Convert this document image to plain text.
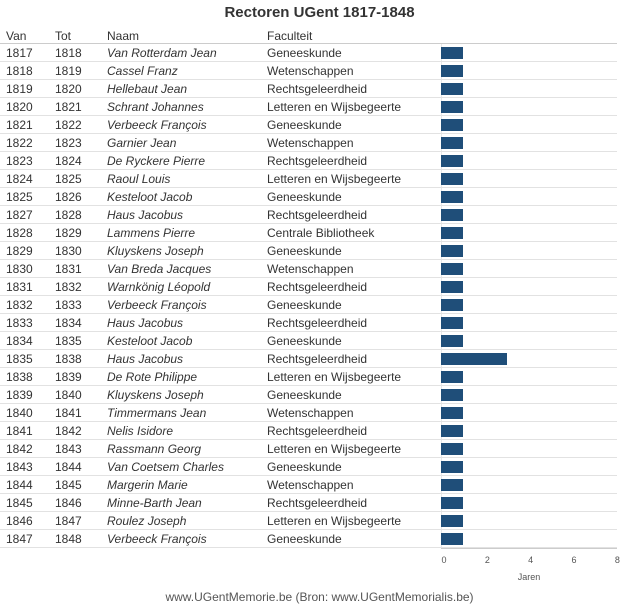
Rectoren UGent 1817-1848
Van Tot	Naam	Faculteit
1817 1818 Van Rotterdam Jean	Geneeskunde
1818 1819 Cassel Franz	Wetenschappen
1819 1820 Hellebaut Jean	Rechtsgeleerdheid
1820 1821 Schrant Johannes	Letteren en Wijsbegeerte
1821 1822 Verbeeck François	Geneeskunde
1822 1823 Garnier Jean	Wetenschappen
1823 1824 De Ryckere Pierre	Rechtsgeleerdheid
1824 1825 Raoul Louis	Letteren en Wijsbegeerte
1825 1826 Kesteloot Jacob	Geneeskunde
1827 1828 Haus Jacobus	Rechtsgeleerdheid
1828 1829 Lammens Pierre	Centrale Bibliotheek
1829 1830 Kluyskens Joseph	Geneeskunde
1830 1831 Van Breda Jacques	Wetenschappen
1831 1832 Warnkönig Léopold	Rechtsgeleerdheid
1832 1833 Verbeeck François	Geneeskunde
1833 1834 Haus Jacobus	Rechtsgeleerdheid
1834 1835 Kesteloot Jacob	Geneeskunde
1835 1838 Haus Jacobus	Rechtsgeleerdheid
1838 1839 De Rote Philippe	Letteren en Wijsbegeerte
1839 1840 Kluyskens Joseph	Geneeskunde
1840 1841 Timmermans Jean	Wetenschappen
1841 1842 Nelis Isidore	Rechtsgeleerdheid
1842 1843 Rassmann Georg	Letteren en Wijsbegeerte
1843 1844 Van Coetsem Charles	Geneeskunde
1844 1845 Margerin Marie	Wetenschappen
1845 1846 Minne-Barth Jean	Rechtsgeleerdheid
1846 1847 Roulez Joseph	Letteren en Wijsbegeerte
1847 1848 Verbeeck François	Geneeskunde
0	2	4	6	8
Jaren
www.UGentMemorie.be (Bron: www.UGentMemorialis.be)
